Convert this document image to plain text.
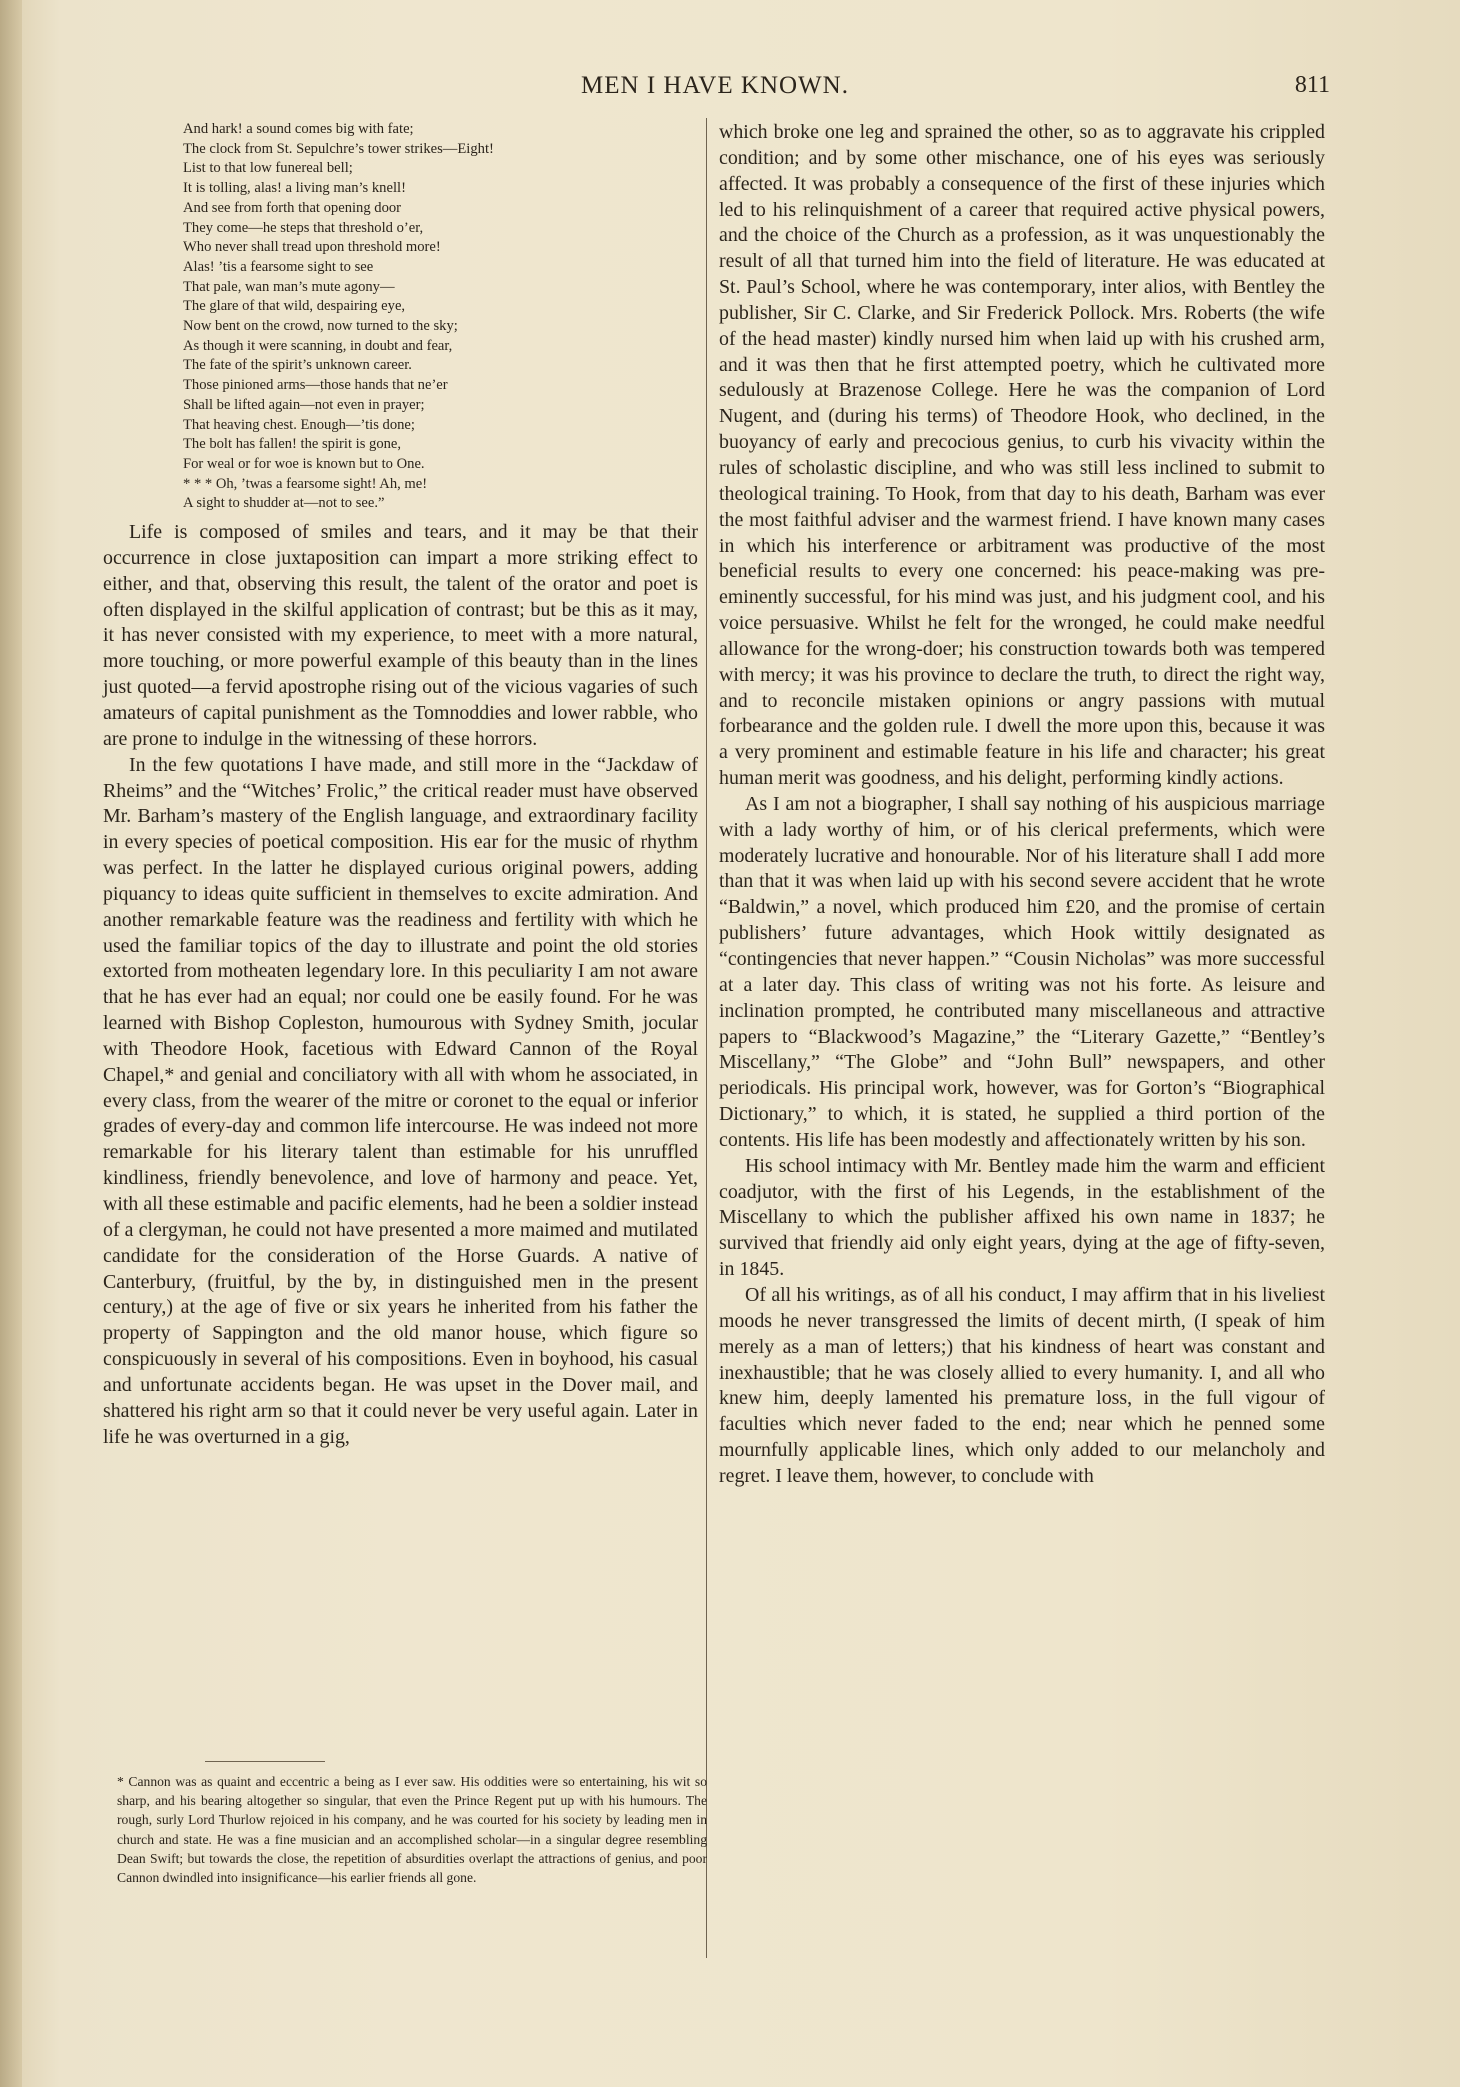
MEN I HAVE KNOWN.	811
And hark! a sound comes big with fate;
The clock from St. Sepulchre’s tower strikes—Eight!
List to that low funereal bell;
It is tolling, alas! a living man’s knell!
And see from forth that opening door
They come—he steps that threshold o’er,
Who never shall tread upon threshold more!
Alas! ’tis a fearsome sight to see
That pale, wan man’s mute agony—
The glare of that wild, despairing eye,
Now bent on the crowd, now turned to the sky;
As though it were scanning, in doubt and fear,
The fate of the spirit’s unknown career.
Those pinioned arms—those hands that ne’er
Shall be lifted again—not even in prayer;
That heaving chest. Enough—’tis done;
The bolt has fallen! the spirit is gone,
For weal or for woe is known but to One.
* * * Oh, ’twas a fearsome sight! Ah, me!
A sight to shudder at—not to see.”

Life is composed of smiles and tears, and it may be that their occurrence in close juxtaposition can impart a more striking effect to either, and that, observing this result, the talent of the orator and poet is often displayed in the skilful application of contrast; but be this as it may, it has never consisted with my experience, to meet with a more natural, more touching, or more powerful example of this beauty than in the lines just quoted—a fervid apostrophe rising out of the vicious vagaries of such amateurs of capital punishment as the Tomnoddies and lower rabble, who are prone to indulge in the witnessing of these horrors.

In the few quotations I have made, and still more in the “Jackdaw of Rheims” and the “Witches’ Frolic,” the critical reader must have observed Mr. Barham’s mastery of the English language, and extraordinary facility in every species of poetical composition. His ear for the music of rhythm was perfect. In the latter he displayed curious original powers, adding piquancy to ideas quite sufficient in themselves to excite admiration. And another remarkable feature was the readiness and fertility with which he used the familiar topics of the day to illustrate and point the old stories extorted from motheaten legendary lore. In this peculiarity I am not aware that he has ever had an equal; nor could one be easily found. For he was learned with Bishop Copleston, humourous with Sydney Smith, jocular with Theodore Hook, facetious with Edward Cannon of the Royal Chapel,* and genial and conciliatory with all with whom he associated, in every class, from the wearer of the mitre or coronet to the equal or inferior grades of every-day and common life intercourse. He was indeed not more remarkable for his literary talent than estimable for his unruffled kindliness, friendly benevolence, and love of harmony and peace. Yet, with all these estimable and pacific elements, had he been a soldier instead of a clergyman, he could not have presented a more maimed and mutilated candidate for the consideration of the Horse Guards. A native of Canterbury, (fruitful, by the by, in distinguished men in the present century,) at the age of five or six years he inherited from his father the property of Sappington and the old manor house, which figure so conspicuously in several of his compositions. Even in boyhood, his casual and unfortunate accidents began. He was upset in the Dover mail, and shattered his right arm so that it could never be very useful again. Later in life he was overturned in a gig,

* Cannon was as quaint and eccentric a being as I ever saw. His oddities were so entertaining, his wit so sharp, and his bearing altogether so singular, that even the Prince Regent put up with his humours. The rough, surly Lord Thurlow rejoiced in his company, and he was courted for his society by leading men in church and state. He was a fine musician and an accomplished scholar—in a singular degree resembling Dean Swift; but towards the close, the repetition of absurdities overlapt the attractions of genius, and poor Cannon dwindled into insignificance—his earlier friends all gone.

which broke one leg and sprained the other, so as to aggravate his crippled condition; and by some other mischance, one of his eyes was seriously affected. It was probably a consequence of the first of these injuries which led to his relinquishment of a career that required active physical powers, and the choice of the Church as a profession, as it was unquestionably the result of all that turned him into the field of literature. He was educated at St. Paul’s School, where he was contemporary, inter alios, with Bentley the publisher, Sir C. Clarke, and Sir Frederick Pollock. Mrs. Roberts (the wife of the head master) kindly nursed him when laid up with his crushed arm, and it was then that he first attempted poetry, which he cultivated more sedulously at Brazenose College. Here he was the companion of Lord Nugent, and (during his terms) of Theodore Hook, who declined, in the buoyancy of early and precocious genius, to curb his vivacity within the rules of scholastic discipline, and who was still less inclined to submit to theological training. To Hook, from that day to his death, Barham was ever the most faithful adviser and the warmest friend. I have known many cases in which his interference or arbitrament was productive of the most beneficial results to every one concerned: his peace-making was pre-eminently successful, for his mind was just, and his judgment cool, and his voice persuasive. Whilst he felt for the wronged, he could make needful allowance for the wrong-doer; his construction towards both was tempered with mercy; it was his province to declare the truth, to direct the right way, and to reconcile mistaken opinions or angry passions with mutual forbearance and the golden rule. I dwell the more upon this, because it was a very prominent and estimable feature in his life and character; his great human merit was goodness, and his delight, performing kindly actions.

As I am not a biographer, I shall say nothing of his auspicious marriage with a lady worthy of him, or of his clerical preferments, which were moderately lucrative and honourable. Nor of his literature shall I add more than that it was when laid up with his second severe accident that he wrote “Baldwin,” a novel, which produced him £20, and the promise of certain publishers’ future advantages, which Hook wittily designated as “contingencies that never happen.” “Cousin Nicholas” was more successful at a later day. This class of writing was not his forte. As leisure and inclination prompted, he contributed many miscellaneous and attractive papers to “Blackwood’s Magazine,” the “Literary Gazette,” “Bentley’s Miscellany,” “The Globe” and “John Bull” newspapers, and other periodicals. His principal work, however, was for Gorton’s “Biographical Dictionary,” to which, it is stated, he supplied a third portion of the contents. His life has been modestly and affectionately written by his son.

His school intimacy with Mr. Bentley made him the warm and efficient coadjutor, with the first of his Legends, in the establishment of the Miscellany to which the publisher affixed his own name in 1837; he survived that friendly aid only eight years, dying at the age of fifty-seven, in 1845.

Of all his writings, as of all his conduct, I may affirm that in his liveliest moods he never transgressed the limits of decent mirth, (I speak of him merely as a man of letters;) that his kindness of heart was constant and inexhaustible; that he was closely allied to every humanity. I, and all who knew him, deeply lamented his premature loss, in the full vigour of faculties which never faded to the end; near which he penned some mournfully applicable lines, which only added to our melancholy and regret. I leave them, however, to conclude with
